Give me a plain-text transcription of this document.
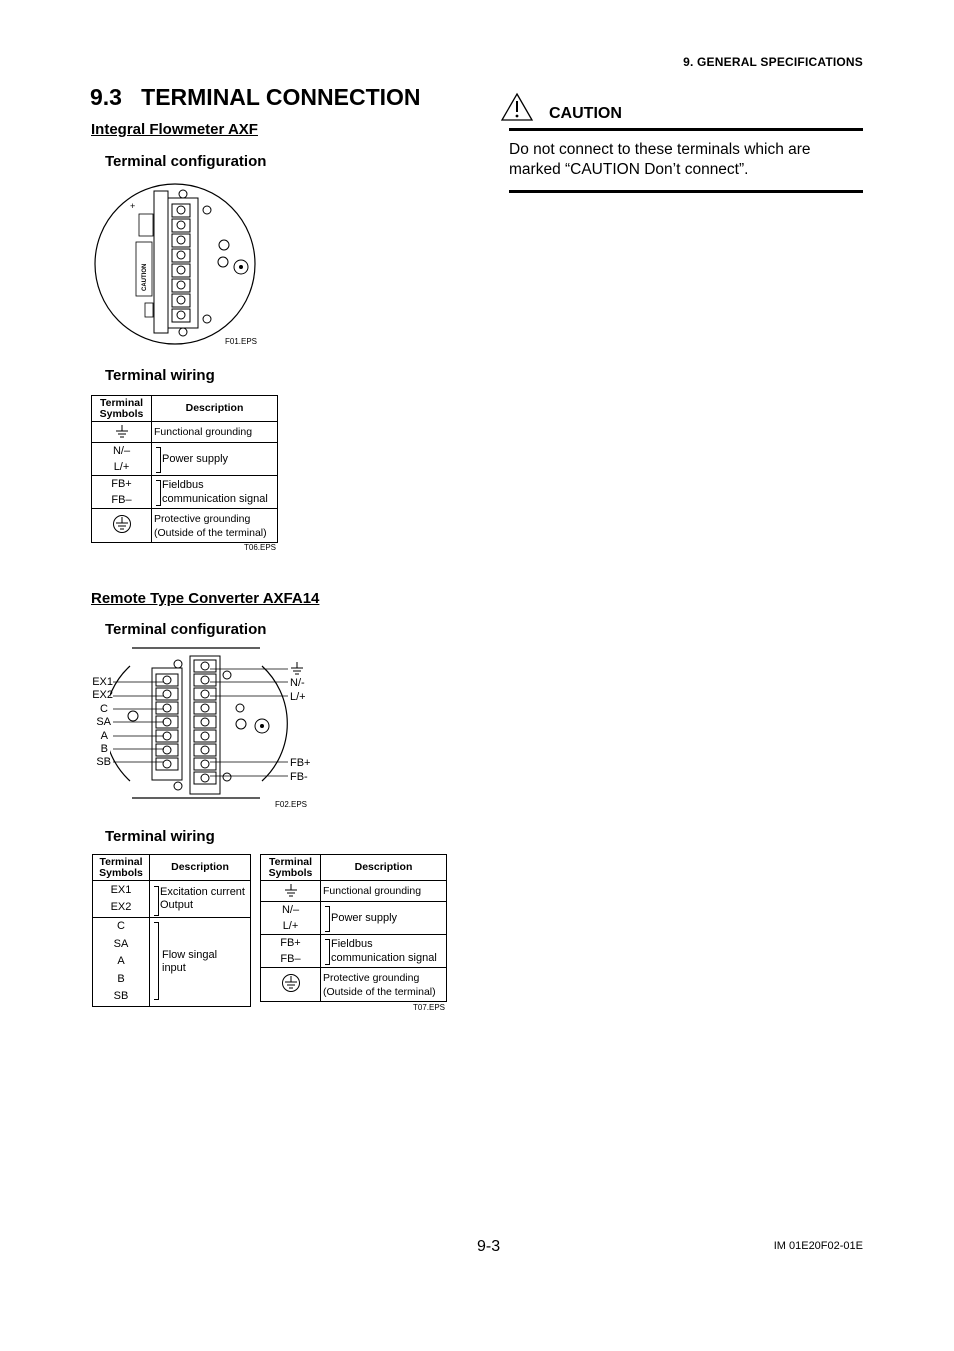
9. GENERAL SPECIFICATIONS
9.3   TERMINAL CONNECTION
Integral Flowmeter AXF
Terminal configuration
CAUTION
+
F01.EPS
Terminal wiring
Terminal Symbols	Description
	Functional grounding

N/–
L/+	Power supply

FB+
FB–	Fieldbus communication signal

	Protective grounding (Outside of the terminal)
T06.EPS
Remote Type Converter AXFA14
Terminal configuration
EX1
EX2
C
SA
A
B
SB
N/-
L/+
FB+
FB-
F02.EPS
Terminal wiring
Terminal Symbols	Description

EX1
EX2	Excitation current Output

C
SA
A
B
SB	Flow singal input
Terminal Symbols	Description
	Functional grounding

N/–
L/+	Power supply

FB+
FB–	Fieldbus communication signal

	Protective grounding (Outside of the terminal)
T07.EPS
CAUTION
Do not connect to these terminals which are marked “CAUTION Don’t connect”.
9-3	IM 01E20F02-01E
